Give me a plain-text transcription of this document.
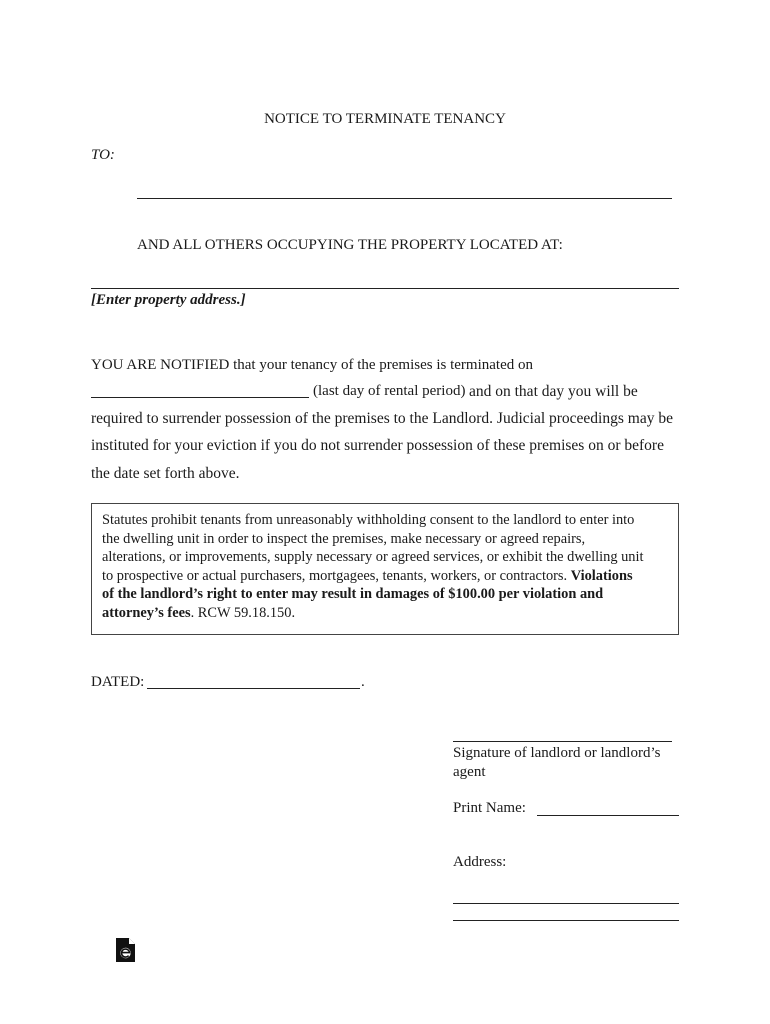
NOTICE TO TERMINATE TENANCY
TO:
AND ALL OTHERS OCCUPYING THE PROPERTY LOCATED AT:
[Enter property address.]
YOU ARE NOTIFIED that your tenancy of the premises is terminated on
(last day of rental period) and on that day you will be
required to surrender possession of the premises to the Landlord. Judicial proceedings may be
instituted for your eviction if you do not surrender possession of these premises on or before
the date set forth above.
Statutes prohibit tenants from unreasonably withholding consent to the landlord to enter into
the dwelling unit in order to inspect the premises, make necessary or agreed repairs,
alterations, or improvements, supply necessary or agreed services, or exhibit the dwelling unit
to prospective or actual purchasers, mortgagees, tenants, workers, or contractors. Violations
of the landlord’s right to enter may result in damages of $100.00 per violation and
attorney’s fees. RCW 59.18.150.
DATED:	.
Signature of landlord or landlord’s
agent
Print Name:
Address:
